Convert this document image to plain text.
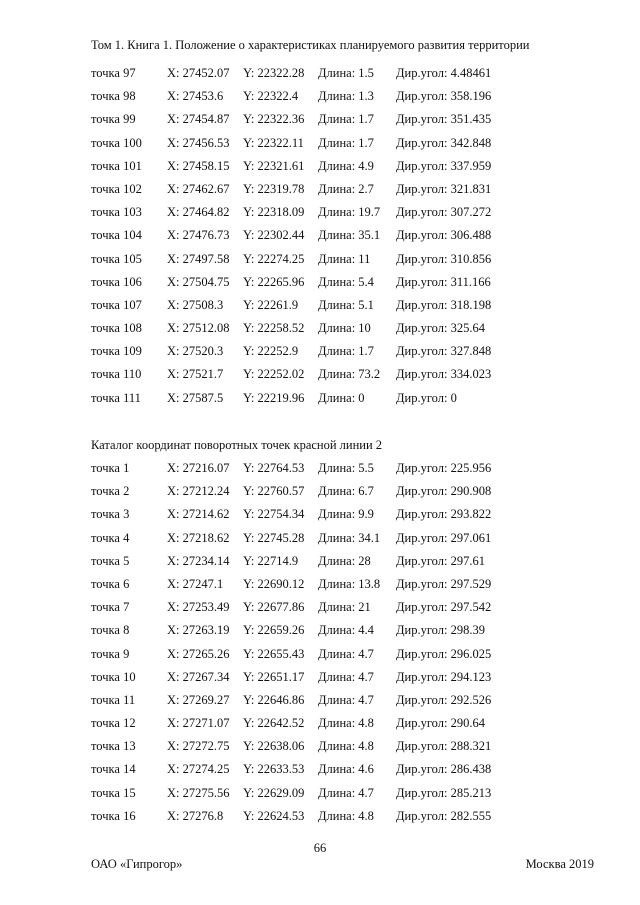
Том 1. Книга 1. Положение о характеристиках планируемого развития территории
точка 97	X: 27452.07 Y: 22322.28 Длина: 1.5 Дир.угол: 4.48461
точка 98	X: 27453.6 Y: 22322.4 Длина: 1.3 Дир.угол: 358.196
точка 99	X: 27454.87 Y: 22322.36 Длина: 1.7 Дир.угол: 351.435
точка 100 X: 27456.53 Y: 22322.11 Длина: 1.7 Дир.угол: 342.848
точка 101 X: 27458.15 Y: 22321.61 Длина: 4.9 Дир.угол: 337.959
точка 102 X: 27462.67 Y: 22319.78 Длина: 2.7 Дир.угол: 321.831
точка 103 X: 27464.82 Y: 22318.09 Длина: 19.7 Дир.угол: 307.272
точка 104 X: 27476.73 Y: 22302.44 Длина: 35.1 Дир.угол: 306.488
точка 105 X: 27497.58 Y: 22274.25 Длина: 11 Дир.угол: 310.856
точка 106 X: 27504.75 Y: 22265.96 Длина: 5.4 Дир.угол: 311.166
точка 107 X: 27508.3 Y: 22261.9 Длина: 5.1 Дир.угол: 318.198
точка 108 X: 27512.08 Y: 22258.52 Длина: 10 Дир.угол: 325.64
точка 109 X: 27520.3 Y: 22252.9 Длина: 1.7 Дир.угол: 327.848
точка 110 X: 27521.7 Y: 22252.02 Длина: 73.2 Дир.угол: 334.023
точка 111 X: 27587.5 Y: 22219.96 Длина: 0	Дир.угол: 0
Каталог координат поворотных точек красной линии 2
точка 1	X: 27216.07 Y: 22764.53 Длина: 5.5 Дир.угол: 225.956
точка 2	X: 27212.24 Y: 22760.57 Длина: 6.7 Дир.угол: 290.908
точка 3	X: 27214.62 Y: 22754.34 Длина: 9.9 Дир.угол: 293.822
точка 4	X: 27218.62 Y: 22745.28 Длина: 34.1 Дир.угол: 297.061
точка 5	X: 27234.14 Y: 22714.9 Длина: 28 Дир.угол: 297.61
точка 6	X: 27247.1 Y: 22690.12 Длина: 13.8 Дир.угол: 297.529
точка 7	X: 27253.49 Y: 22677.86 Длина: 21 Дир.угол: 297.542
точка 8	X: 27263.19 Y: 22659.26 Длина: 4.4 Дир.угол: 298.39
точка 9	X: 27265.26 Y: 22655.43 Длина: 4.7 Дир.угол: 296.025
точка 10	X: 27267.34 Y: 22651.17 Длина: 4.7 Дир.угол: 294.123
точка 11	X: 27269.27 Y: 22646.86 Длина: 4.7 Дир.угол: 292.526
точка 12	X: 27271.07 Y: 22642.52 Длина: 4.8 Дир.угол: 290.64
точка 13	X: 27272.75 Y: 22638.06 Длина: 4.8 Дир.угол: 288.321
точка 14	X: 27274.25 Y: 22633.53 Длина: 4.6 Дир.угол: 286.438
точка 15	X: 27275.56 Y: 22629.09 Длина: 4.7 Дир.угол: 285.213
точка 16	X: 27276.8 Y: 22624.53 Длина: 4.8 Дир.угол: 282.555
66
ОАО «Гипрогор»	Москва 2019
